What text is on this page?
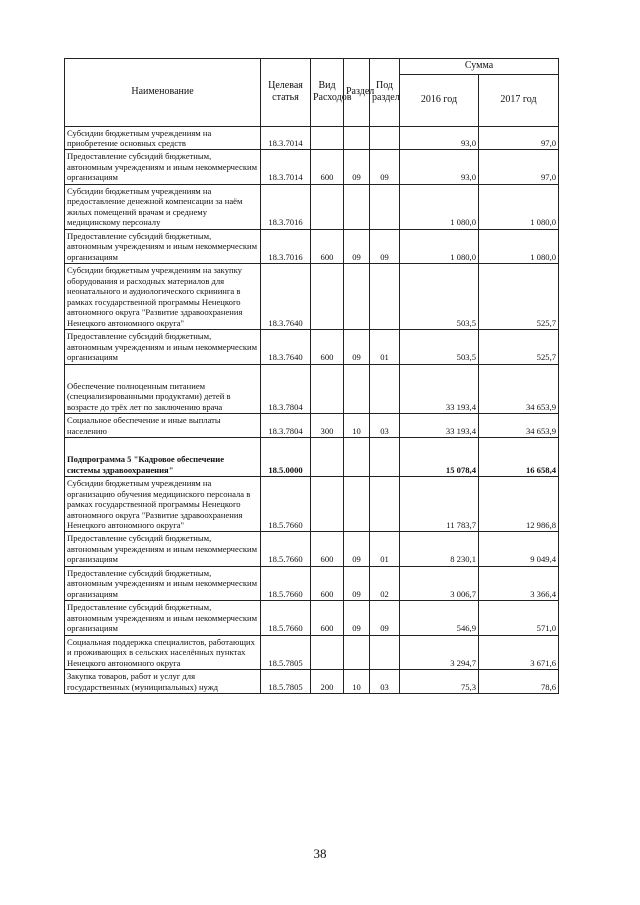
Наименование	Целевая статья	Вид Расходов	Раздел	Под раздел	Сумма	
					2016 год	2017 год
Субсидии бюджетным учреждениям на приобретение основных средств	18.3.7014				93,0	97,0
Предоставление субсидий бюджетным, автономным учреждениям и иным некоммерческим организациям	18.3.7014	600	09	09	93,0	97,0
Субсидии бюджетным учреждениям на предоставление денежной компенсации за наём жилых помещений врачам и среднему медицинскому персоналу	18.3.7016				1 080,0	1 080,0
Предоставление субсидий бюджетным, автономным учреждениям и иным некоммерческим организациям	18.3.7016	600	09	09	1 080,0	1 080,0
Субсидии бюджетным учреждениям на закупку оборудования и расходных материалов для неонатального и аудиологического скрининга в рамках государственной программы Ненецкого автономного округа "Развитие здравоохранения Ненецкого автономного округа"	18.3.7640				503,5	525,7
Предоставление субсидий бюджетным, автономным учреждениям и иным некоммерческим организациям	18.3.7640	600	09	01	503,5	525,7
Обеспечение полноценным питанием (специализированными продуктами) детей в возрасте до трёх лет по заключению врача	18.3.7804				33 193,4	34 653,9
Социальное обеспечение и иные выплаты населению	18.3.7804	300	10	03	33 193,4	34 653,9
Подпрограмма 5 "Кадровое обеспечение системы здравоохранения"	18.5.0000				15 078,4	16 658,4
Субсидии бюджетным учреждениям на организацию обучения медицинского персонала в рамках государственной программы Ненецкого автономного округа "Развитие здравоохранения Ненецкого автономного округа"	18.5.7660				11 783,7	12 986,8
Предоставление субсидий бюджетным, автономным учреждениям и иным некоммерческим организациям	18.5.7660	600	09	01	8 230,1	9 049,4
Предоставление субсидий бюджетным, автономным учреждениям и иным некоммерческим организациям	18.5.7660	600	09	02	3 006,7	3 366,4
Предоставление субсидий бюджетным, автономным учреждениям и иным некоммерческим организациям	18.5.7660	600	09	09	546,9	571,0
Социальная поддержка специалистов, работающих и проживающих в сельских населённых пунктах Ненецкого автономного округа	18.5.7805				3 294,7	3 671,6
Закупка товаров, работ и услуг для государственных (муниципальных) нужд	18.5.7805	200	10	03	75,3	78,6
38
